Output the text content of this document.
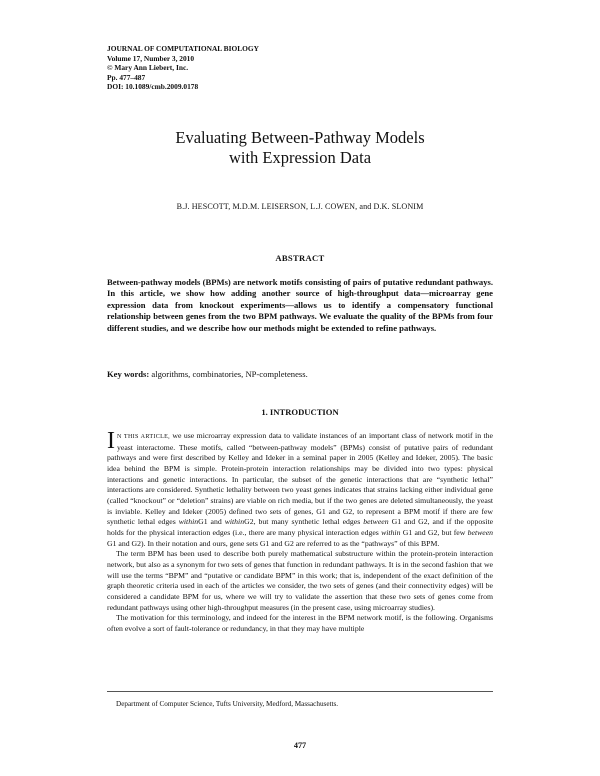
JOURNAL OF COMPUTATIONAL BIOLOGY
Volume 17, Number 3, 2010
© Mary Ann Liebert, Inc.
Pp. 477–487
DOI: 10.1089/cmb.2009.0178
Evaluating Between-Pathway Models
with Expression Data
B.J. HESCOTT, M.D.M. LEISERSON, L.J. COWEN, and D.K. SLONIM
ABSTRACT

Between-pathway models (BPMs) are network motifs consisting of pairs of putative redundant pathways. In this article, we show how adding another source of high-throughput data—microarray gene expression data from knockout experiments—allows us to identify a compensatory functional relationship between genes from the two BPM pathways. We evaluate the quality of the BPMs from four different studies, and we describe how our methods might be extended to refine pathways.

Key words: algorithms, combinatories, NP-completeness.

1. INTRODUCTION

I N THIS ARTICLE, we use microarray expression data to validate instances of an important class of network motif in the yeast interactome. These motifs, called “between-pathway models” (BPMs) consist of putative pairs of redundant pathways and were first described by Kelley and Ideker in a seminal paper in 2005 (Kelley and Ideker, 2005). The basic idea behind the BPM is simple. Protein-protein interaction relationships may be divided into two types: physical interactions and genetic interactions. In particular, the subset of the genetic interactions that are “synthetic lethal” interactions are considered. Synthetic lethality between two yeast genes indicates that strains lacking either individual gene (called “knockout” or “deletion” strains) are viable on rich media, but if the two genes are deleted simultaneously, the yeast is inviable. Kelley and Ideker (2005) defined two sets of genes, G1 and G2, to represent a BPM motif if there are few synthetic lethal edges withinG1 and withinG2, but many synthetic lethal edges between G1 and G2, and if the opposite holds for the physical interaction edges (i.e., there are many physical interaction edges within G1 and G2, but few between G1 and G2). In their notation and ours, gene sets G1 and G2 are referred to as the “pathways” of this BPM.

The term BPM has been used to describe both purely mathematical substructure within the protein-protein interaction network, but also as a synonym for two sets of genes that function in redundant pathways. It is in the second fashion that we will use the terms “BPM” and “putative or candidate BPM” in this work; that is, independent of the exact definition of the graph theoretic criteria used in each of the articles we consider, the two sets of genes (and their connectivity edges) will be considered a candidate BPM for us, where we will try to validate the assertion that these two sets of genes come from redundant pathways using other high-throughput measures (in the present case, using microarray studies).

The motivation for this terminology, and indeed for the interest in the BPM network motif, is the following. Organisms often evolve a sort of fault-tolerance or redundancy, in that they may have multiple

Department of Computer Science, Tufts University, Medford, Massachusetts.
477
